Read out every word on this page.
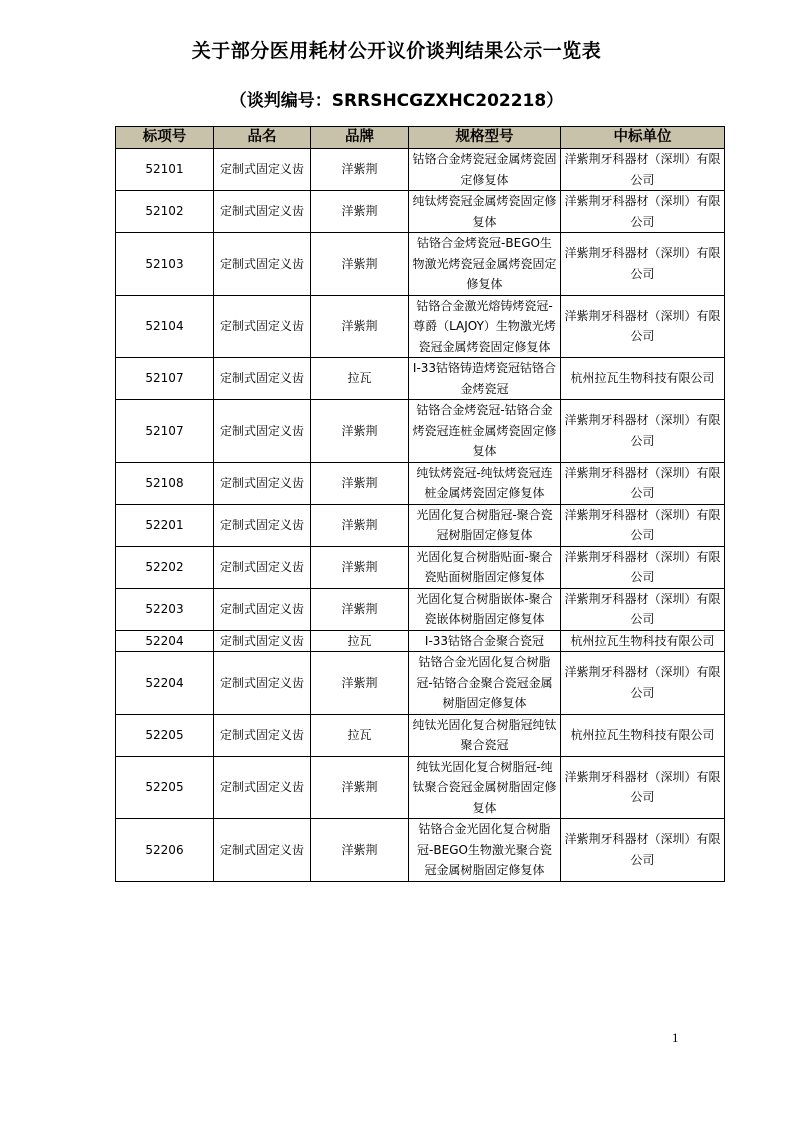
关于部分医用耗材公开议价谈判结果公示一览表
（谈判编号：SRRSHCGZXHC202218）
标项号	品名	品牌	规格型号	中标单位
52101	定制式固定义齿	洋紫荆	钴铬合金烤瓷冠金属烤瓷固定修复体	洋紫荆牙科器材（深圳）有限公司
52102	定制式固定义齿	洋紫荆	纯钛烤瓷冠金属烤瓷固定修复体	洋紫荆牙科器材（深圳）有限公司
52103	定制式固定义齿	洋紫荆	钴铬合金烤瓷冠-BEGO生物激光烤瓷冠金属烤瓷固定修复体	洋紫荆牙科器材（深圳）有限公司
52104	定制式固定义齿	洋紫荆	钴铬合金激光熔铸烤瓷冠-尊爵（LAJOY）生物激光烤瓷冠金属烤瓷固定修复体	洋紫荆牙科器材（深圳）有限公司
52107	定制式固定义齿	拉瓦	I-33钴铬铸造烤瓷冠钴铬合金烤瓷冠	杭州拉瓦生物科技有限公司
52107	定制式固定义齿	洋紫荆	钴铬合金烤瓷冠-钴铬合金烤瓷冠连桩金属烤瓷固定修复体	洋紫荆牙科器材（深圳）有限公司
52108	定制式固定义齿	洋紫荆	纯钛烤瓷冠-纯钛烤瓷冠连桩金属烤瓷固定修复体	洋紫荆牙科器材（深圳）有限公司
52201	定制式固定义齿	洋紫荆	光固化复合树脂冠-聚合瓷冠树脂固定修复体	洋紫荆牙科器材（深圳）有限公司
52202	定制式固定义齿	洋紫荆	光固化复合树脂贴面-聚合瓷贴面树脂固定修复体	洋紫荆牙科器材（深圳）有限公司
52203	定制式固定义齿	洋紫荆	光固化复合树脂嵌体-聚合瓷嵌体树脂固定修复体	洋紫荆牙科器材（深圳）有限公司
52204	定制式固定义齿	拉瓦	I-33钴铬合金聚合瓷冠	杭州拉瓦生物科技有限公司
52204	定制式固定义齿	洋紫荆	钴铬合金光固化复合树脂冠-钴铬合金聚合瓷冠金属树脂固定修复体	洋紫荆牙科器材（深圳）有限公司
52205	定制式固定义齿	拉瓦	纯钛光固化复合树脂冠纯钛聚合瓷冠	杭州拉瓦生物科技有限公司
52205	定制式固定义齿	洋紫荆	纯钛光固化复合树脂冠-纯钛聚合瓷冠金属树脂固定修复体	洋紫荆牙科器材（深圳）有限公司
52206	定制式固定义齿	洋紫荆	钴铬合金光固化复合树脂冠-BEGO生物激光聚合瓷冠金属树脂固定修复体	洋紫荆牙科器材（深圳）有限公司
1
